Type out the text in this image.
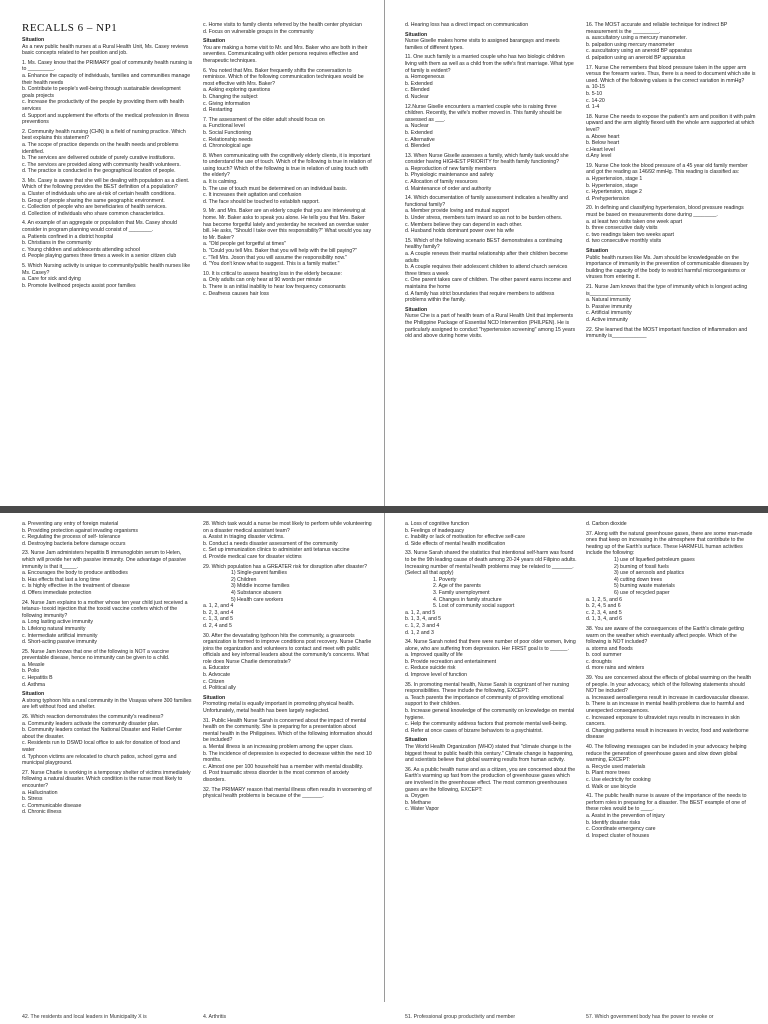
RECALLS 6 – NP1
Situation
As a new public health nurses at a Rural Health Unit, Ms. Casey reviews basic concepts related to her position and job.
1. Ms. Casey know that the PRIMARY goal of community health nursing is to _________.
a. Enhance the capacity of individuals, families and communities manage their health needs
b. Contribute to people's well-being through sustainable development goals projects
c. Increase the productivity of the people by providing them with health services
d. Support and supplement the efforts of the medical profession in illness preventions
2. Community health nursing (CHN) is a field of nursing practice. Which best explains this statement?
a. The scope of practice depends on the health needs and problems identified.
b. The services are delivered outside of purely curative institutions.
c. The services are provided along with community health volunteers.
d. The practice is conducted in the geographical location of people.
3. Ms. Casey is aware that she will be dealing with population as a client. Which of the following provides the BEST definition of a population?
a. Cluster of individuals who are at-risk of certain health conditions.
b. Group of people sharing the same geographic environment.
c. Collection of people who are beneficiaries of health services.
d. Collection of individuals who share common characteristics.
4. An example of an aggregate or population that Ms. Casey should consider in program planning would consist of ________.
a. Patients confined in a district hospital
b. Christians in the community
c. Young children and adolescents attending school
d. People playing games three times a week in a senior citizen club
5. Which Nursing activity is unique to community/public health nurses like Ms. Casey?
a. Care for sick and dying
b. Promote livelihood projects assist poor families
c. Home visits to family clients referred by the health center physician
d. Focus on vulnerable groups in the community
Situation
You are making a home visit to Mr. and Mrs. Baker who are both in their seventies. Communicating with older persons requires effective and therapeutic techniques.
6. You noted that Mrs. Baker frequently shifts the conversation to reminisce. Which of the following communication techniques would be most effective with Mrs. Baker?
a. Asking exploring questions
b. Changing the subject
c. Giving information
d. Restarting
7. The assessment of the older adult should focus on
a. Functional level
b. Social Functioning
c. Relationship needs
d. Chronological age
8. When communicating with the cognitively elderly clients, it is important to understand the use of touch. Which of the following is true in relation of using touch? Which of the following is true in relation of using touch with the elderly?
a. It is calming.
b. The use of touch must be determined on an individual basis.
c. It increases their agitation and confusion
d. The face should be touched to establish rapport.
9. Mr. and Mrs. Baker are an elderly couple that you are interviewing at home. Mr. Baker asks to speak you alone. He tells you that Mrs. Baker has become forgetful lately and yesterday he received an overdue water bill. He asks, "Should I take over this responsibility?" What would you say to Mr. Baker?
a. "Old people get forgetful at times"
b. "Could you tell Mrs. Baker that you will help with the bill paying?"
c. "Tell Mrs. Joson that you will assume the responsibility now."
d. "You don't know what to suggest. This is a family matter."
10. It is critical to assess hearing loss in the elderly because:
a. Only adults can only hear at 90 words per minute
b. There is an initial inability to hear low frequency consonants
c. Deafness causes hair loss
d. Hearing loss has a direct impact on communication
Situation
Nurse Giselle makes home visits to assigned barangays and meets families of different types.
11. One such family is a married couple who has two biologic children living with them as well as a child from the wife's first marriage. What type of family is evident?
a. Homogeneous
b. Extended
c. Blended
d. Nuclear
12.Nurse Giselle encounters a married couple who is raising three children. Recently, the wife's mother moved in. This family should be assessed as ___.
a. Nuclear
b. Extended
c. Alternative
d. Blended
13. When Nurse Giselle assesses a family, which family task would she consider having HIGHEST PRIORITY for health family functioning?
a. Reproduction of new family members
b. Physiologic maintenance and safety
c. Allocation of family resources
d. Maintenance of order and authority
14. Which documentation of family assessment indicates a healthy and functional family?
a. Member provide loving and mutual support
b. Under stress, members turn inward so as not to be burden others.
c. Members believe they can depend in each other.
d. Husband holds dominant power over his wife
15. Which of the following scenario BEST demonstrates a continuing healthy family?
a. A couple renews their marital relationship after their children become adults
b. A couple requires their adolescent children to attend church services three times a week
c. One parent takes care of children. The other parent earns income and maintains the home
d. A family has strict boundaries that require members to address problems within the family.
Situation
Nurse Che is a part of health team of a Rural Health Unit that implements the Philippine Package of Essential NCD Intervention (PHILPEN). He is particularly assigned to conduct "hypertension screening" among 15 years old and above during home visits.
16. The MOST accurate and reliable technique for indirect BP measurement is the _________.
a. auscultatory using a mercury manometer.
b. palpation using mercury manometer
c. auscultatory using an aneroid BP apparatus
d. palpation using an aneroid BP apparatus
17. Nurse Che remembers that blood pressure taken in the upper arm versus the forearm varies. Thus, there is a need to document which site is used. Which of the following values is the correct variation in mmHg?
a. 10-15
b. 5-10
c. 14-20
d. 1-4
18. Nurse Che needs to expose the patient's arm and position it with palm upward and the arm slightly flexed with the whole arm supported at which level?
a. Above heart
b. Below heart
c.Heart level
d.Any level
19. Nurse Che took the blood pressure of a 45 year old family member and got the reading as 146/92 mmHg. This reading is classified as:
a. Hypertension, stage 1
b. Hypertension, stage
c. Hypertension, stage 2
d. Prehypertension
20. In defining and classifying hypertension, blood pressure readings must be based on measurements done during ________.
a. at least two visits taken one week apart
b. three consecutive daily visits
c. two readings taken two weeks apart
d. two consecutive monthly visits
Situation
Public health nurses like Ms. Jam should be knowledgeable on the importance of immunity in the prevention of communicable diseases by building the capacity of the body to restrict harmful microorganisms or viruses from entering it.
21. Nurse Jam knows that the type of immunity which is longest acting is______________
a. Natural immunity
b. Passive immunity
c. Artificial immunity
d. Active immunity
22. She learned that the MOST important function of inflammation and immunity is____________
a. Preventing any entry of foreign material
b. Providing protection against invading organisms
c. Regulating the process of self- tolerance
d. Destroying bacteria before damage occurs
23. Nurse Jam administers hepatitis B immunoglobin serum to Helen, which will provide her with passive immunity. One advantage of passive immunity is that it_____.
a. Encourages the body to produce antibodies
b. Has effects that last a long time
c. Is highly effective in the treatment of disease
d. Offers immediate protection
24. Nurse Jam explains to a mother whose ten year child just received a tetanus- toxoid injection that the toxoid vaccine confers which of the following immunity?
a. Long lasting active immunity
b. Lifelong natural immunity
c. Intermediate artificial immunity
d. Short-acting passive immunity
25. Nurse Jam knows that one of the following is NOT a vaccine preventable disease, hence no immunity can be given to a child.
a. Measle
b. Polio
c. Hepatitis B
d. Asthma
Situation
A strong typhoon hits a rural community in the Visayas where 300 families are left without food and shelter.
26. Which reaction demonstrates the community's readiness?
a. Community leaders activate the community disaster plan.
b. Community leaders contact the National Disaster and Relief Center about the disaster.
c. Residents run to DSWD local office to ask for donation of food and water
d. Typhoon victims are relocated to church patios, school gyms and municipal playground.
27. Nurse Charlie is working in a temporary shelter of victims immediately following a natural disaster. Which condition is the nurse most likely to encounter?
a. Hallucination
b. Stress
c. Communicable disease
d. Chronic illness
28. Which task would a nurse be most likely to perform while volunteering on a disaster medical assistant team?
a. Assist in triaging disaster victims.
b. Conduct a needs disaster assessment of the community
c. Set up immunization clinics to administer anti tetanus vaccine
d. Provide medical care for disaster victims
29. Which population has a GREATER risk for disruption after disaster?
1) Single-parent families
2) Children
3) Middle income families
4) Substance abusers
5) Health care workers
a. 1, 2, and 4
b. 2, 3, and 4
c. 1, 3, and 5
d. 2, 4 and 5
30. After the devastating typhoon hits the community, a grassroots organization is formed to improve conditions post recovery. Nurse Charlie joins the organization and volunteers to contact and meet with public officials and key informal leaders about the community's concerns. What role does Nurse Charlie demonstrate?
a. Educator
b. Advocate
c. Citizen
d. Political ally
Situation
Promoting metal is equally important in promoting physical health. Unfortunately, metal health has been largely neglected.
31. Public Health Nurse Sarah is concerned about the impact of mental health on the community. She is preparing for a presentation about mental health in the Philippines. Which of the following information should be included?
a. Mental illness is an increasing problem among the upper class.
b. The incidence of depression is expected to decrease within the next 10 months.
c. Almost one per 100 household has a member with mental disability.
d. Post traumatic stress disorder is the most common of anxiety disorders.
32. The PRIMARY reason that mental illness often results in worsening of physical health problems is because of the _______.
a. Loss of cognitive function
b. Feelings of inadequacy
c. Inability or lack of motivation for effective self-care
d. Side effects of mental health modification
33. Nurse Sarah shared the statistics that intentional self-harm was found to be the 9th leading cause of death among 20-24 years old Filipino adults. Increasing number of mental health problems may be related to _______. (Select all that apply)
1. Poverty
2. Age of the parents
3. Family unemployment
4. Changes in family structure
5. Lost of community social support
a. 1, 2, and 5
b. 1, 3, 4, and 5
c. 1, 2, 3 and 4
d. 1, 2 and 3
34. Nurse Sarah noted that there were number of poor older women, living alone, who are suffering from depression. Her FIRST goal is to ______.
a. Improved quality of life
b. Provide recreation and entertainment
c. Reduce suicide risk
d. Improve level of function
35. In promoting mental health, Nurse Sarah is cognizant of her nursing responsibilities. These include the following, EXCEPT:
a. Teach parents the importance of community of providing emotional support to their children.
b. Increase general knowledge of the community on knowledge on mental hygiene.
c. Help the community address factors that promote mental well-being.
d. Refer at once cases of bizarre behaviors to a psychiatrist.
Situation
The World Health Organization (WHO) stated that "climate change is the biggest threat to public health this century." Climate change is happening, and scientists believe that global warming results from human activity.
36. As a public health nurse and as a citizen, you are concerned about the Earth's warming up fast from the production of greenhouse gases which are involved in the greenhouse effect. The most common greenhouses gases are the following, EXCEPT:
a. Oxygen
b. Methane
c. Water Vapor
d. Carbon dioxide
37. Along with the natural greenhouse gases, there are some man-made ones that keep on increasing in the atmosphere that contribute to the heating up of the Earth's surface. These HARMFUL human activities include the following:
1) use of liquefied petroleum gases
2) burning of fossil fuels
3) use of aerosols and plastics
4) cutting down trees
5) burning waste materials
6) use of recycled paper
a. 1, 2, 5, and 6
b. 2, 4, 5 and 6
c. 2, 3, 4, and 5
d. 1, 3, 4, and 6
38. You are aware of the consequences of the Earth's climate getting warm on the weather which eventually affect people. Which of the following is NOT included?
a. storms and floods
b. cool summer
c. droughts
d. more rains and winters
39. You are concerned about the effects of global warming on the health of people. In your advocacy, which of the following statements should NOT be included?
a. Increased aeroallergens result in increase in cardiovascular disease.
b. There is an increase in mental health problems due to harmful and unexpected consequences.
c. Increased exposure to ultraviolet rays results in increases in skin cancers.
d. Changing patterns result in increases in vector, food and waterborne disease
40. The following messages can be included in your advocacy helping reduce the generation of greenhouse gases and slow down global warming, EXCEPT:
a. Recycle used materials
b. Plant more trees
c. Use electricity for cooking
d. Walk or use bicycle
41. The public health nurse is aware of the importance of the needs to perform roles in preparing for a disaster. The BEST example of one of these roles would be to ____.
a. Assist in the prevention of injury
b. Identify disaster risks
c. Coordinate emergency care
d. Inspect cluster of houses
42. The residents and local leaders in Municipality X is	4. Arthritis	51. Professional group productivity and member	57. Which government body has the power to revoke or
